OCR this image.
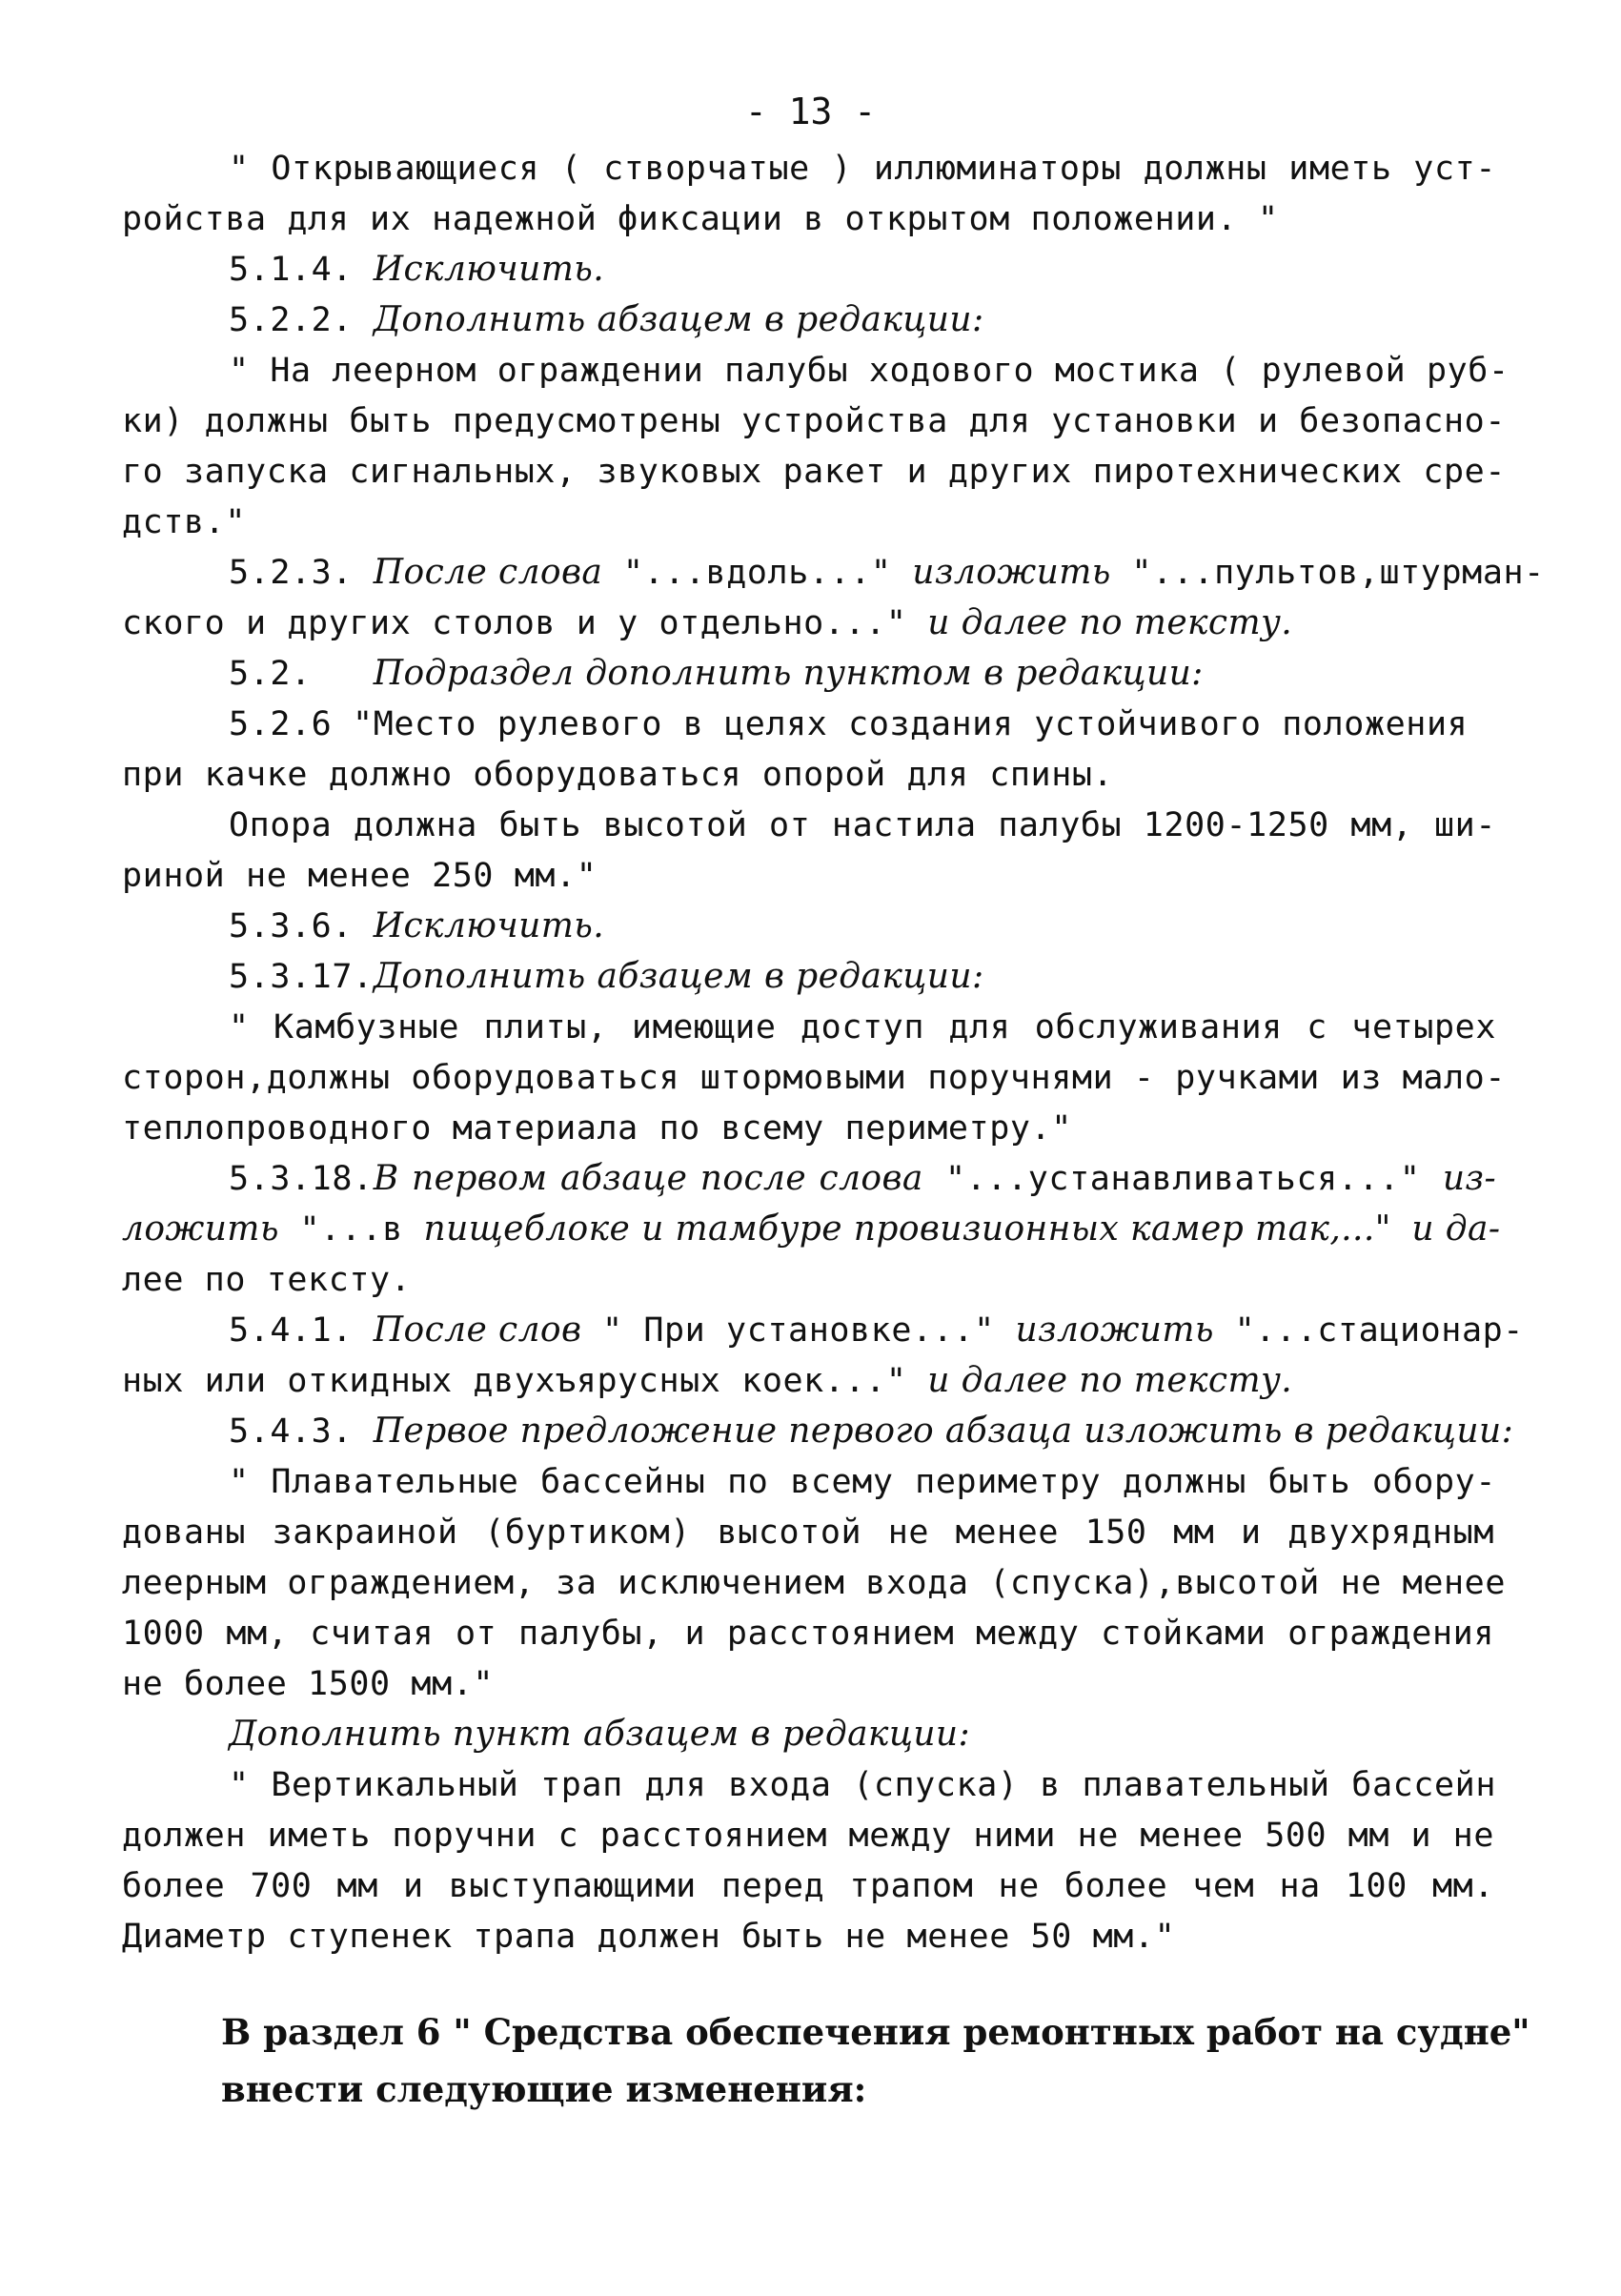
- 13 -
" Открывающиеся ( створчатые ) иллюминаторы должны иметь уст-
ройства для их надежной фиксации в открытом положении. "
5.1.4. Исключить.
5.2.2. Дополнить абзацем в редакции:
" На леерном ограждении палубы ходового мостика ( рулевой руб-
ки) должны быть предусмотрены устройства для установки и безопасно-
го запуска сигнальных, звуковых ракет и других пиротехнических сре-
дств."
5.2.3. После слова "...вдоль..." изложить "...пультов,штурман-
ского и других столов и у отдельно..." и далее по тексту.
5.2. Подраздел дополнить пунктом в редакции:
5.2.6 "Место рулевого в целях создания устойчивого положения
при качке должно оборудоваться опорой для спины.
Опора должна быть высотой от настила палубы 1200-1250 мм, ши-
риной не менее 250 мм."
5.3.6. Исключить.
5.3.17.Дополнить абзацем в редакции:
" Камбузные плиты, имеющие доступ для обслуживания с четырех
сторон,должны оборудоваться штормовыми поручнями - ручками из мало-
теплопроводного материала по всему периметру."
5.3.18.В первом абзаце после слова "...устанавливаться..." из-
ложить "...в пищеблоке и тамбуре провизионных камер так,..." и да-
лее по тексту.
5.4.1. После слов " При установке..." изложить "...стационар-
ных или откидных двухъярусных коек..." и далее по тексту.
5.4.3. Первое предложение первого абзаца изложить в редакции:
" Плавательные бассейны по всему периметру должны быть обору-
дованы закраиной (буртиком) высотой не менее 150 мм и двухрядным
леерным ограждением, за исключением входа (спуска),высотой не менее
1000 мм, считая от палубы, и расстоянием между стойками ограждения
не более 1500 мм."
Дополнить пункт абзацем в редакции:
" Вертикальный трап для входа (спуска) в плавательный бассейн
должен иметь поручни с расстоянием между ними не менее 500 мм и не
более 700 мм и выступающими перед трапом не более чем на 100 мм.
Диаметр ступенек трапа должен быть не менее 50 мм."
В раздел 6 " Средства обеспечения ремонтных работ на судне"
внести следующие изменения:
